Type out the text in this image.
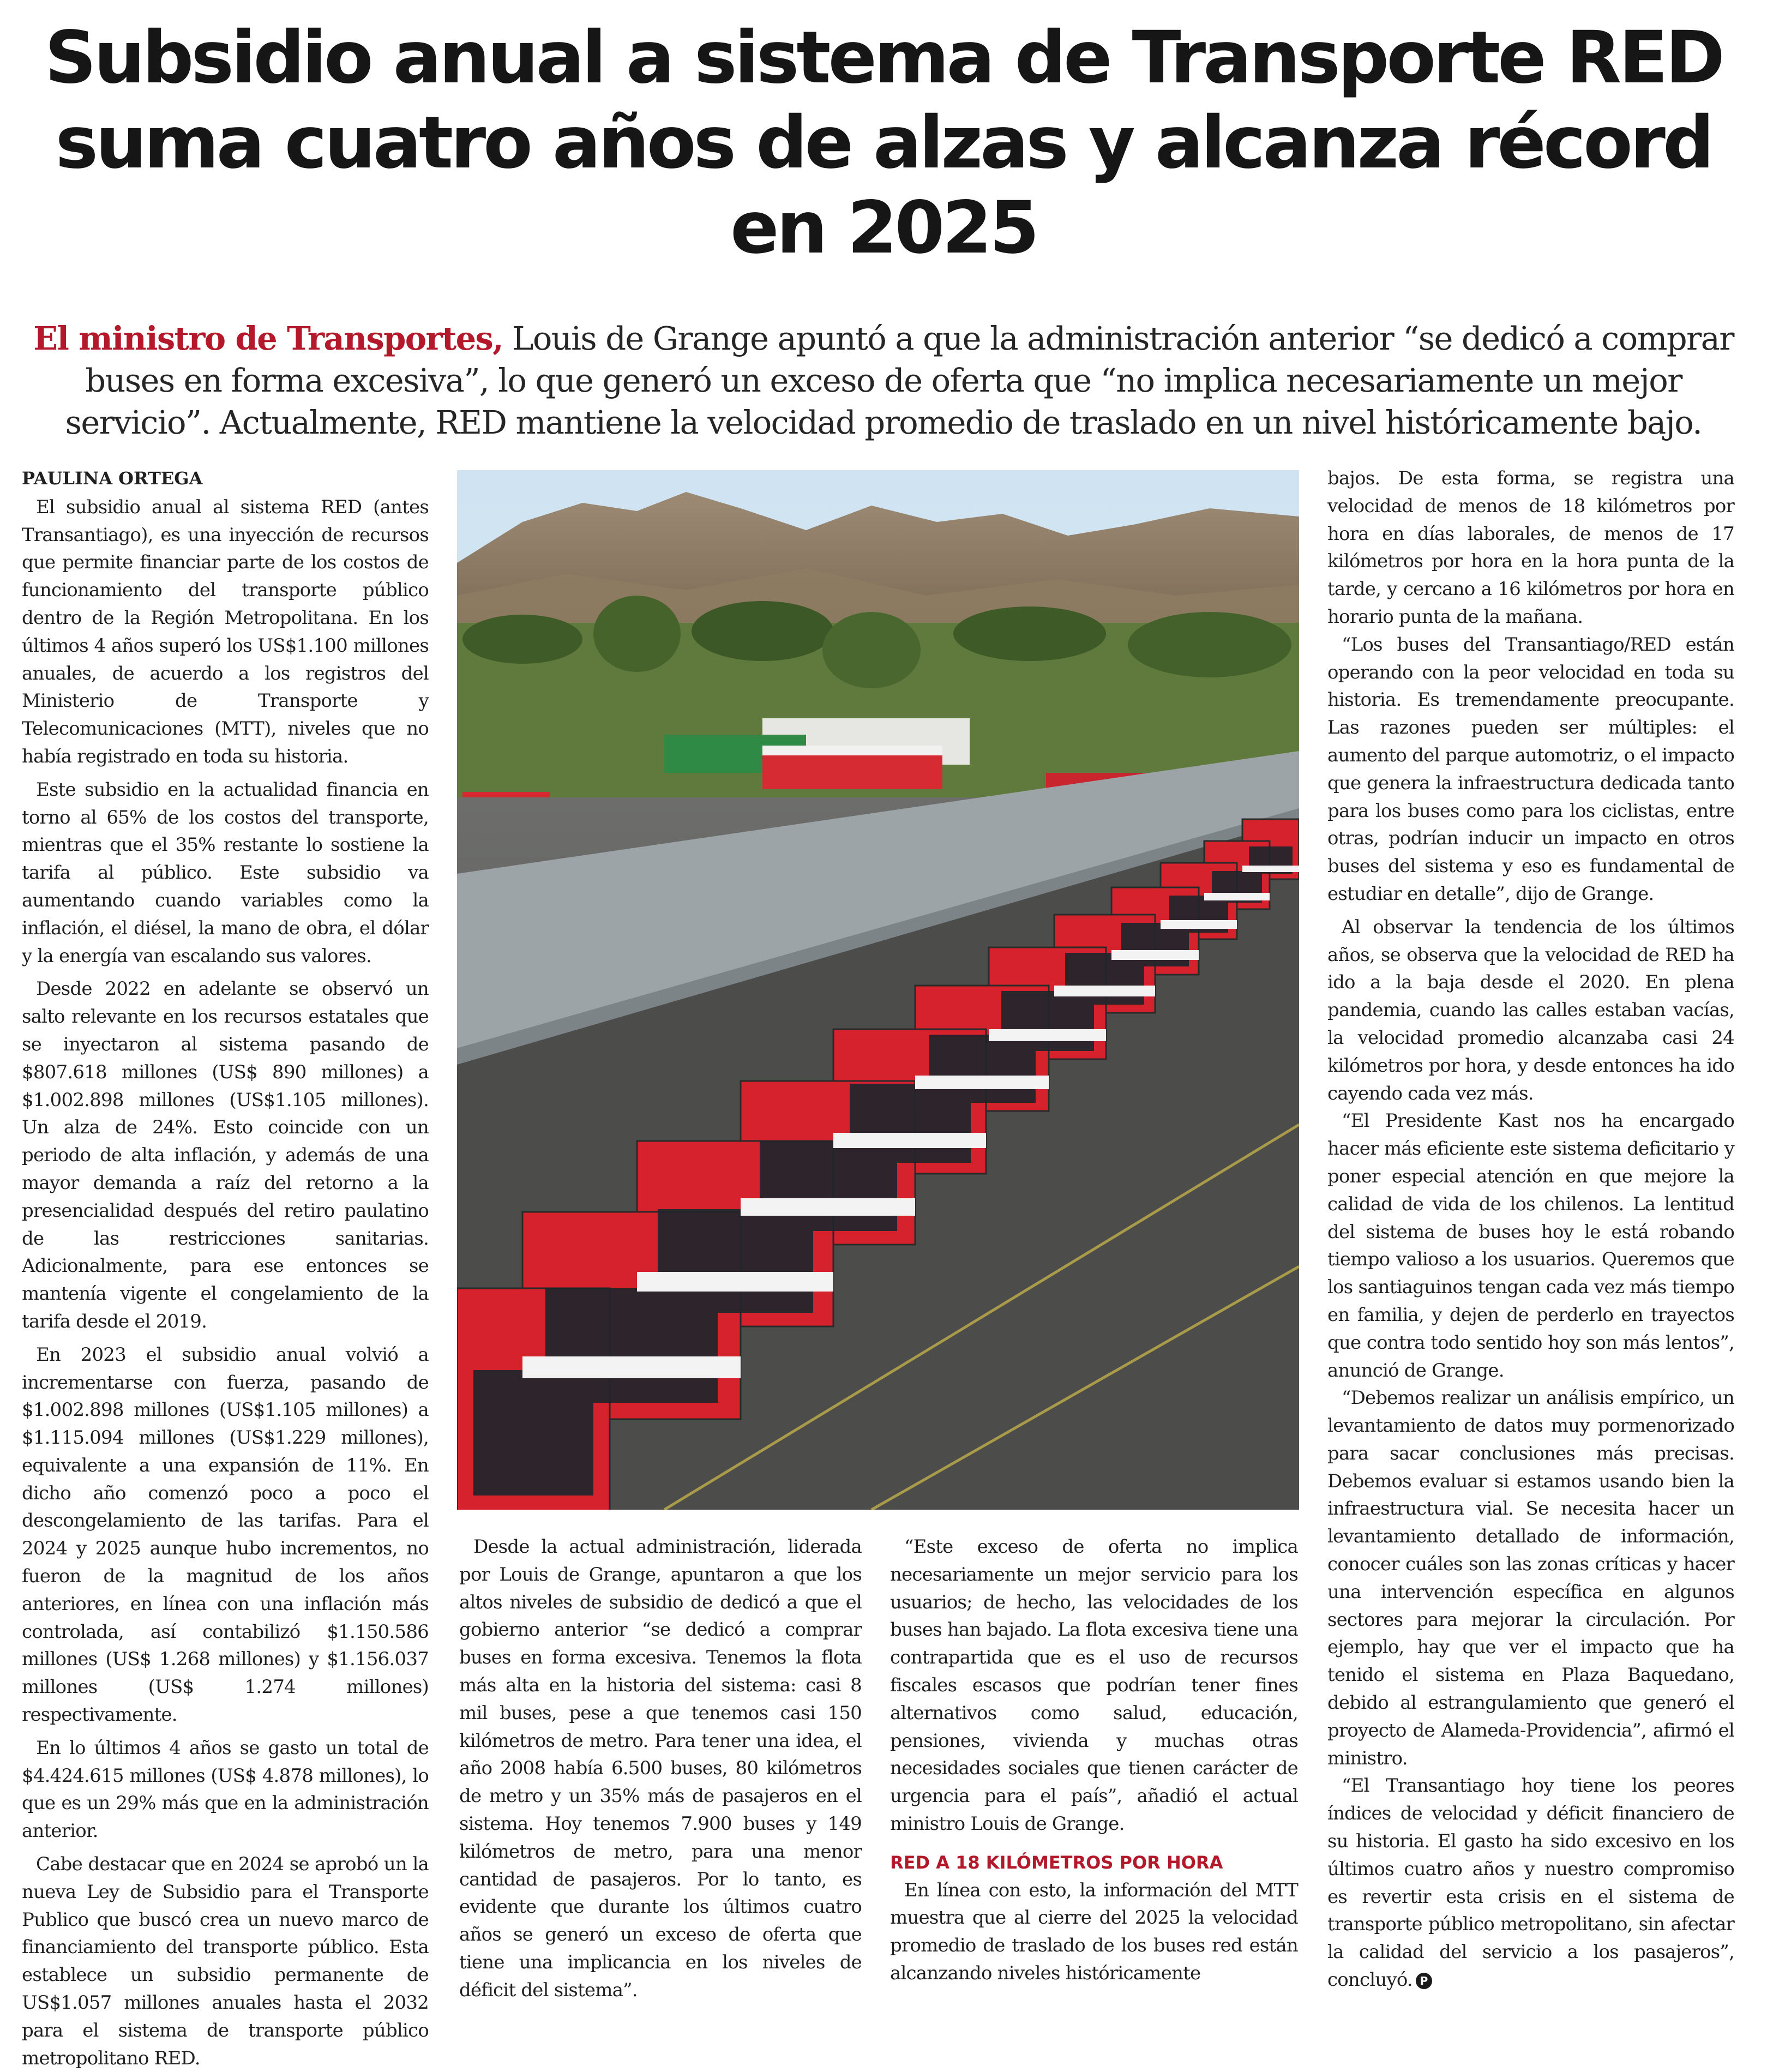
Subsidio anual a sistema de Transporte RED suma cuatro años de alzas y alcanza récord en 2025

El ministro de Transportes, Louis de Grange apuntó a que la administración anterior “se dedicó a comprar buses en forma excesiva”, lo que generó un exceso de oferta que “no implica necesariamente un mejor servicio”. Actualmente, RED mantiene la velocidad promedio de traslado en un nivel históricamente bajo.

PAULINA ORTEGA

El subsidio anual al sistema RED (antes Transantiago), es una inyección de recursos que permite financiar parte de los costos de funcionamiento del transporte público dentro de la Región Metropolitana. En los últimos 4 años superó los US$1.100 millones anuales, de acuerdo a los registros del Ministerio de Transporte y Telecomunicaciones (MTT), niveles que no había registrado en toda su historia.

Este subsidio en la actualidad financia en torno al 65% de los costos del transporte, mientras que el 35% restante lo sostiene la tarifa al público. Este subsidio va aumentando cuando variables como la inflación, el diésel, la mano de obra, el dólar y la energía van escalando sus valores.

Desde 2022 en adelante se observó un salto relevante en los recursos estatales que se inyectaron al sistema pasando de $807.618 millones (US$ 890 millones) a $1.002.898 millones (US$1.105 millones). Un alza de 24%. Esto coincide con un periodo de alta inflación, y además de una mayor demanda a raíz del retorno a la presencialidad después del retiro paulatino de las restricciones sanitarias. Adicionalmente, para ese entonces se mantenía vigente el congelamiento de la tarifa desde el 2019.

En 2023 el subsidio anual volvió a incrementarse con fuerza, pasando de $1.002.898 millones (US$1.105 millones) a $1.115.094 millones (US$1.229 millones), equivalente a una expansión de 11%. En dicho año comenzó poco a poco el descongelamiento de las tarifas. Para el 2024 y 2025 aunque hubo incrementos, no fueron de la magnitud de los años anteriores, en línea con una inflación más controlada, así contabilizó $1.150.586 millones (US$ 1.268 millones) y $1.156.037 millones (US$ 1.274 millones) respectivamente.

En lo últimos 4 años se gasto un total de $4.424.615 millones (US$ 4.878 millones), lo que es un 29% más que en la administración anterior.

Cabe destacar que en 2024 se aprobó un la nueva Ley de Subsidio para el Transporte Publico que buscó crea un nuevo marco de financiamiento del transporte público. Esta establece un subsidio permanente de US$1.057 millones anuales hasta el 2032 para el sistema de transporte público metropolitano RED.

Desde la actual administración, liderada por Louis de Grange, apuntaron a que los altos niveles de subsidio de dedicó a que el gobierno anterior “se dedicó a comprar buses en forma excesiva. Tenemos la flota más alta en la historia del sistema: casi 8 mil buses, pese a que tenemos casi 150 kilómetros de metro. Para tener una idea, el año 2008 había 6.500 buses, 80 kilómetros de metro y un 35% más de pasajeros en el sistema. Hoy tenemos 7.900 buses y 149 kilómetros de metro, para una menor cantidad de pasajeros. Por lo tanto, es evidente que durante los últimos cuatro años se generó un exceso de oferta que tiene una implicancia en los niveles de déficit del sistema”.

“Este exceso de oferta no implica necesariamente un mejor servicio para los usuarios; de hecho, las velocidades de los buses han bajado. La flota excesiva tiene una contrapartida que es el uso de recursos fiscales escasos que podrían tener fines alternativos como salud, educación, pensiones, vivienda y muchas otras necesidades sociales que tienen carácter de urgencia para el país”, añadió el actual ministro Louis de Grange.

RED A 18 KILÓMETROS POR HORA

En línea con esto, la información del MTT muestra que al cierre del 2025 la velocidad promedio de traslado de los buses red están alcanzando niveles históricamente

bajos. De esta forma, se registra una velocidad de menos de 18 kilómetros por hora en días laborales, de menos de 17 kilómetros por hora en la hora punta de la tarde, y cercano a 16 kilómetros por hora en horario punta de la mañana.

“Los buses del Transantiago/RED están operando con la peor velocidad en toda su historia. Es tremendamente preocupante. Las razones pueden ser múltiples: el aumento del parque automotriz, o el impacto que genera la infraestructura dedicada tanto para los buses como para los ciclistas, entre otras, podrían inducir un impacto en otros buses del sistema y eso es fundamental de estudiar en detalle”, dijo de Grange.

Al observar la tendencia de los últimos años, se observa que la velocidad de RED ha ido a la baja desde el 2020. En plena pandemia, cuando las calles estaban vacías, la velocidad promedio alcanzaba casi 24 kilómetros por hora, y desde entonces ha ido cayendo cada vez más.

“El Presidente Kast nos ha encargado hacer más eficiente este sistema deficitario y poner especial atención en que mejore la calidad de vida de los chilenos. La lentitud del sistema de buses hoy le está robando tiempo valioso a los usuarios. Queremos que los santiaguinos tengan cada vez más tiempo en familia, y dejen de perderlo en trayectos que contra todo sentido hoy son más lentos”, anunció de Grange.

“Debemos realizar un análisis empírico, un levantamiento de datos muy pormenorizado para sacar conclusiones más precisas. Debemos evaluar si estamos usando bien la infraestructura vial. Se necesita hacer un levantamiento detallado de información, conocer cuáles son las zonas críticas y hacer una intervención específica en algunos sectores para mejorar la circulación. Por ejemplo, hay que ver el impacto que ha tenido el sistema en Plaza Baquedano, debido al estrangulamiento que generó el proyecto de Alameda-Providencia”, afirmó el ministro.

“El Transantiago hoy tiene los peores índices de velocidad y déficit financiero de su historia. El gasto ha sido excesivo en los últimos cuatro años y nuestro compromiso es revertir esta crisis en el sistema de transporte público metropolitano, sin afectar la calidad del servicio a los pasajeros”, concluyó. P
